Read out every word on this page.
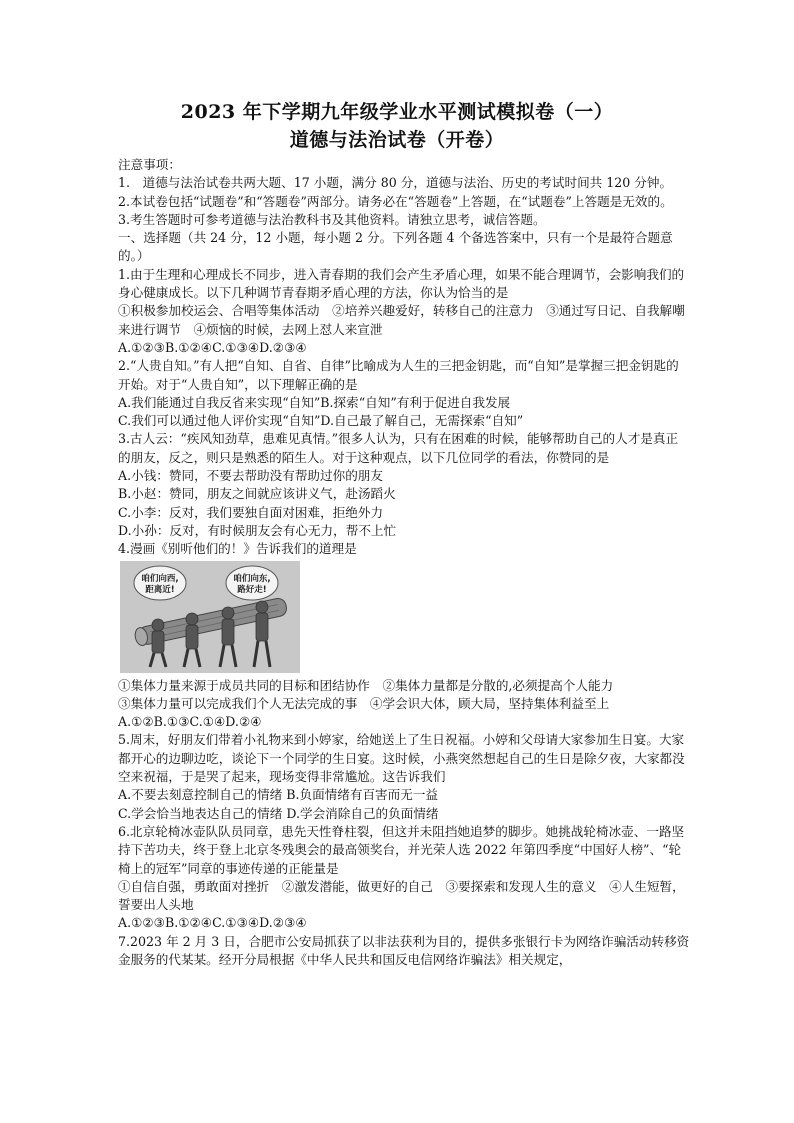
2023 年下学期九年级学业水平测试模拟卷（一）
道德与法治试卷（开卷）

注意事项：

1.　道德与法治试卷共两大题、17 小题，满分 80 分，道德与法治、历史的考试时间共 120 分钟。

2.本试卷包括“试题卷”和“答题卷”两部分。请务必在“答题卷”上答题，在“试题卷”上答题是无效的。

3.考生答题时可参考道德与法治教科书及其他资料。请独立思考，诚信答题。

一、选择题（共 24 分，12 小题，每小题 2 分。下列各题 4 个备选答案中，只有一个是最符合题意的。）

1.由于生理和心理成长不同步，进入青春期的我们会产生矛盾心理，如果不能合理调节，会影响我们的身心健康成长。以下几种调节青春期矛盾心理的方法，你认为恰当的是

①积极参加校运会、合唱等集体活动　②培养兴趣爱好，转移自己的注意力　③通过写日记、自我解嘲来进行调节　④烦恼的时候，去网上怼人来宣泄

A.①②③B.①②④C.①③④D.②③④

2.“人贵自知。”有人把“自知、自省、自律”比喻成为人生的三把金钥匙，而“自知”是掌握三把金钥匙的开始。对于“人贵自知”，以下理解正确的是

A.我们能通过自我反省来实现“自知”B.探索“自知”有利于促进自我发展

C.我们可以通过他人评价实现“自知”D.自己最了解自己，无需探索“自知”

3.古人云：“疾风知劲草，患难见真情。”很多人认为，只有在困难的时候，能够帮助自己的人才是真正的朋友，反之，则只是熟悉的陌生人。对于这种观点，以下几位同学的看法，你赞同的是

A.小钱：赞同，不要去帮助没有帮助过你的朋友

B.小赵：赞同，朋友之间就应该讲义气，赴汤蹈火

C.小李：反对，我们要独自面对困难，拒绝外力

D.小孙：反对，有时候朋友会有心无力，帮不上忙

4.漫画《别听他们的！》告诉我们的道理是

咱们向西,
距离近!
咱们向东,
路好走!

①集体力量来源于成员共同的目标和团结协作　②集体力量都是分散的,必须提高个人能力

③集体力量可以完成我们个人无法完成的事　④学会识大体，顾大局，坚持集体利益至上

A.①②B.①③C.①④D.②④

5.周末，好朋友们带着小礼物来到小婷家，给她送上了生日祝福。小婷和父母请大家参加生日宴。大家都开心的边聊边吃，谈论下一个同学的生日宴。这时候，小燕突然想起自己的生日是除夕夜，大家都没空来祝福，于是哭了起来，现场变得非常尴尬。这告诉我们

A.不要去刻意控制自己的情绪 B.负面情绪有百害而无一益

C.学会恰当地表达自己的情绪 D.学会消除自己的负面情绪

6.北京轮椅冰壶队队员同章，患先天性脊柱裂，但这并未阻挡她追梦的脚步。她挑战轮椅冰壶、一路坚持下苦功夫，终于登上北京冬残奥会的最高领奖台，并光荣人选 2022 年第四季度“中国好人榜”、“轮椅上的冠军”同章的事迹传递的正能量是

①自信自强，勇敢面对挫折　②激发潜能，做更好的自己　③要探索和发现人生的意义　④人生短暂，誓要出人头地

A.①②③B.①②④C.①③④D.②③④

7.2023 年 2 月 3 日，合肥市公安局抓获了以非法获利为目的，提供多张银行卡为网络诈骗活动转移资金服务的代某某。经开分局根据《中华人民共和国反电信网络诈骗法》相关规定，
